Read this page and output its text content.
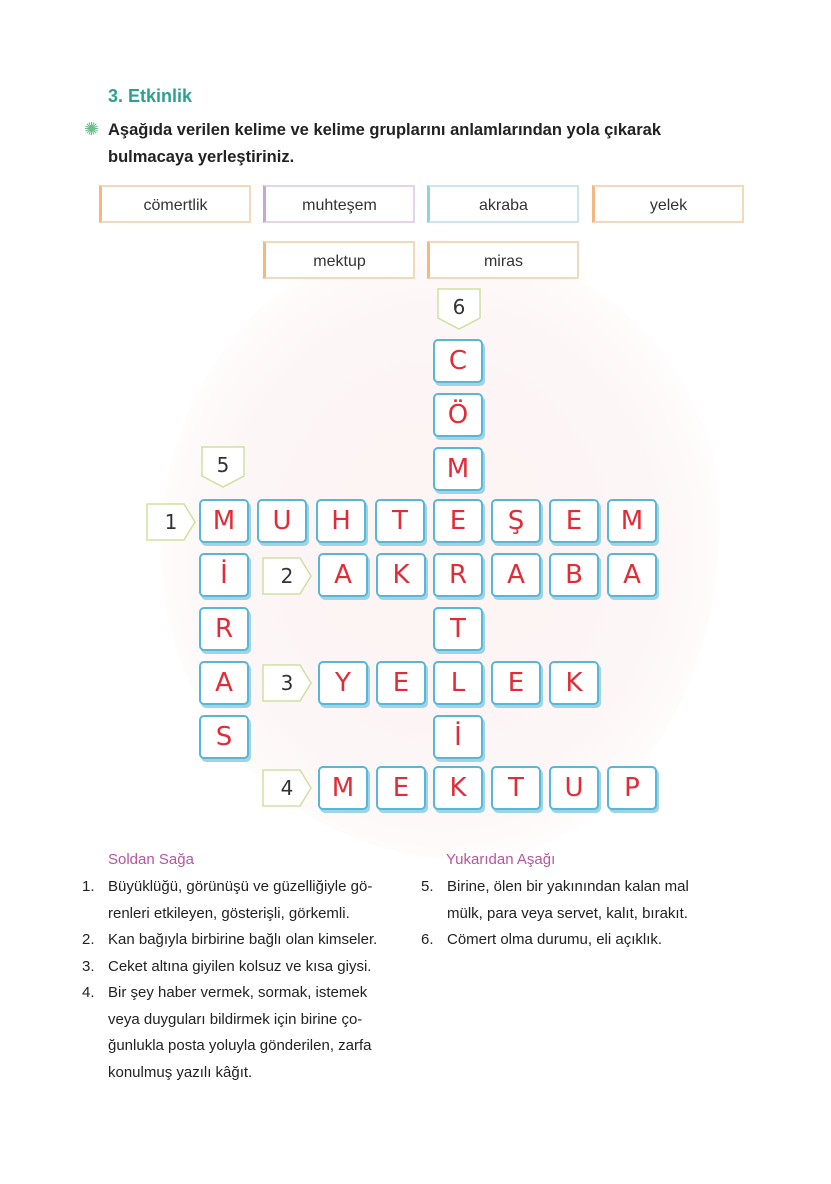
3. Etkinlik
✺ Aşağıda verilen kelime ve kelime gruplarını anlamlarından yola çıkarak bulmacaya yerleştiriniz.
cömertlik	muhteşem	akraba	yelek
mektup	miras
6
5
1
2
3
4
C
Ö
M
T
İ
İ
R
A
S
M	U	H	T	E	Ş	E	M
A	K	R	A	B	A
Y	E	L	E	K
M	E	K	T	U	P
Soldan Sağa	Yukarıdan Aşağı
1. Büyüklüğü, görünüşü ve güzelliğiyle gö-
renleri etkileyen, gösterişli, görkemli.
2. Kan bağıyla birbirine bağlı olan kimseler.
3. Ceket altına giyilen kolsuz ve kısa giysi.
4. Bir şey haber vermek, sormak, istemek
veya duyguları bildirmek için birine ço-
ğunlukla posta yoluyla gönderilen, zarfa
konulmuş yazılı kâğıt.
5. Birine, ölen bir yakınından kalan mal
mülk, para veya servet, kalıt, bırakıt.
6. Cömert olma durumu, eli açıklık.
